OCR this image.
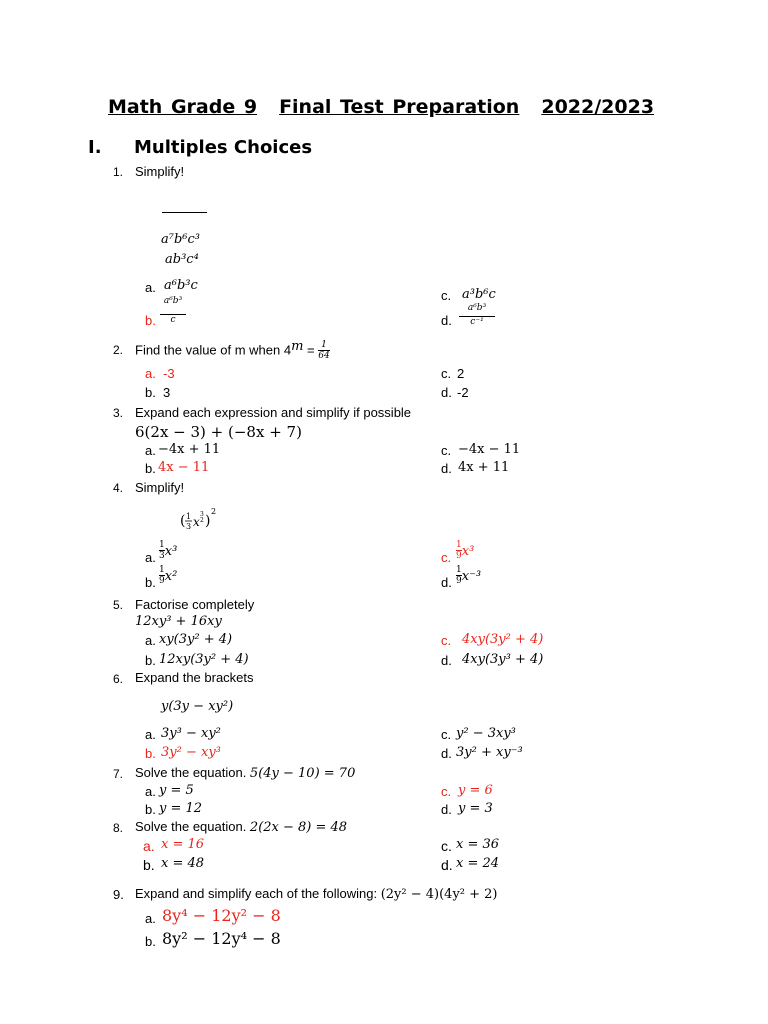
Math Grade 9 Final Test Preparation 2022/2023
I. Multiples Choices
1. Simplify!
a⁷b⁶c³
ab³c⁴
a. a⁶b³c
b. $\frac{\text{a⁶b³}}{c}$
c. a³b⁶c
d. $\frac{\text{a⁶b³}}{\text{c⁻¹}}$
2. Find the value of m when $4^m = \frac{1}{64}$
a. -3
b. 3
c. 2
d. -2
3. Expand each expression and simplify if possible
6(2x − 3) + (−8x + 7)
a. −4x + 11
b. 4x − 11
c. −4x − 11
d. 4x + 11
4. Simplify!
( 1
3 x
3
2 )
2
a. $\frac{1}{3} x^3$
b. $\frac{1}{9} x^2$
c. $\frac{1}{9} x^3$
d. $\frac{1}{9} x^{-3}$
5. Factorise completely
12xy³ + 16xy
a. xy(3y² + 4)
b. 12xy(3y² + 4)
c. 4xy(3y² + 4)
d. 4xy(3y³ + 4)
6. Expand the brackets
y(3y − xy²)
a. 3y³ − xy²
b. 3y² − xy³
c. y² − 3xy³
d. 3y² + xy⁻³
7. Solve the equation. 5(4y − 10) = 70
a. y = 5
b. y = 12
c. y = 6
d. y = 3
8. Solve the equation. 2(2x − 8) = 48
a. x = 16
b. x = 48
c. x = 36
d. x = 24
9. Expand and simplify each of the following: (2y² − 4)(4y² + 2)
a. 8y⁴ − 12y² − 8
b. 8y² − 12y⁴ − 8
